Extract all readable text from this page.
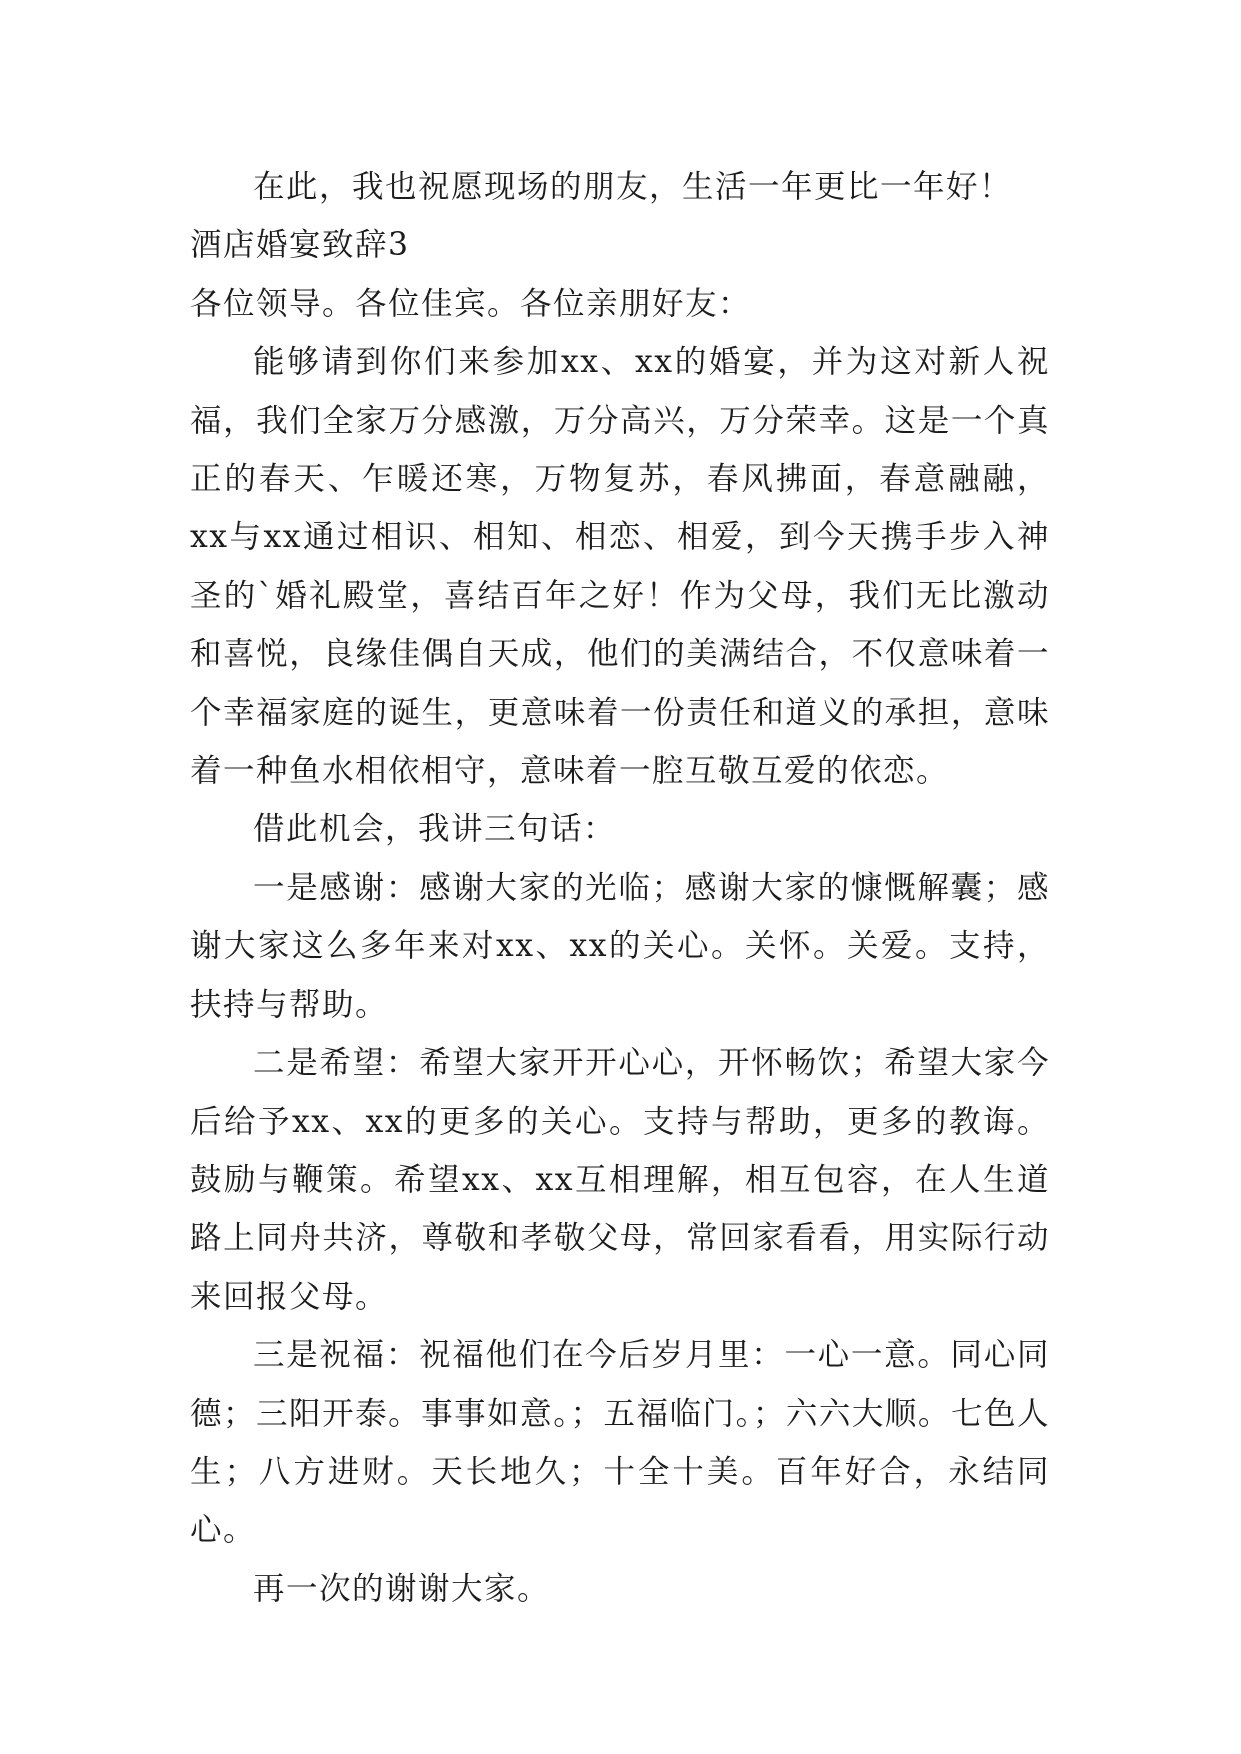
在此，我也祝愿现场的朋友，生活一年更比一年好！

酒店婚宴致辞3

各位领导。各位佳宾。各位亲朋好友：

能够请到你们来参加xx、xx的婚宴，并为这对新人祝福，我们全家万分感激，万分高兴，万分荣幸。这是一个真正的春天、乍暖还寒，万物复苏，春风拂面，春意融融，xx与xx通过相识、相知、相恋、相爱，到今天携手步入神圣的`婚礼殿堂，喜结百年之好！作为父母，我们无比激动和喜悦，良缘佳偶自天成，他们的美满结合，不仅意味着一个幸福家庭的诞生，更意味着一份责任和道义的承担，意味着一种鱼水相依相守，意味着一腔互敬互爱的依恋。

借此机会，我讲三句话：

一是感谢：感谢大家的光临；感谢大家的慷慨解囊；感谢大家这么多年来对xx、xx的关心。关怀。关爱。支持，扶持与帮助。

二是希望：希望大家开开心心，开怀畅饮；希望大家今后给予xx、xx的更多的关心。支持与帮助，更多的教诲。鼓励与鞭策。希望xx、xx互相理解，相互包容，在人生道路上同舟共济，尊敬和孝敬父母，常回家看看，用实际行动来回报父母。

三是祝福：祝福他们在今后岁月里：一心一意。同心同德；三阳开泰。事事如意。；五福临门。；六六大顺。七色人生；八方进财。天长地久；十全十美。百年好合，永结同心。

再一次的谢谢大家。
